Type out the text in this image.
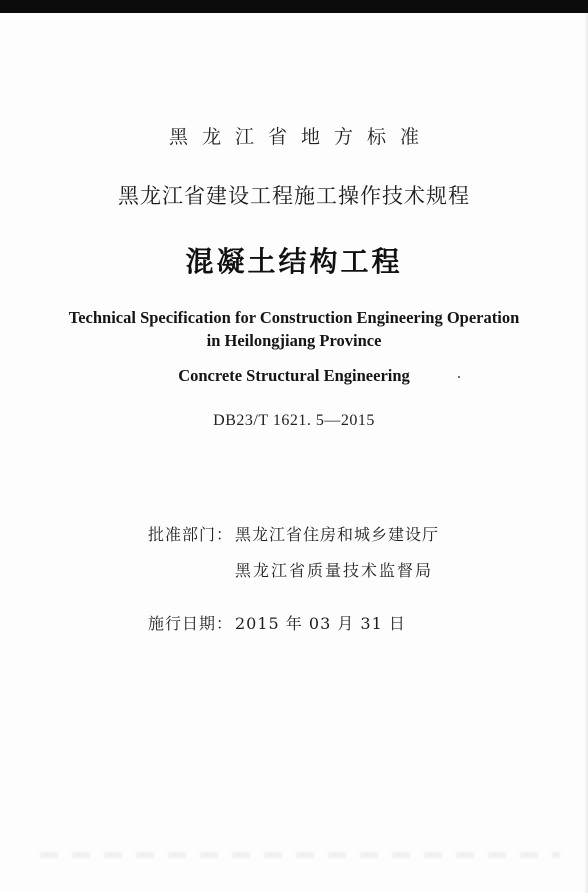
黑龙江省地方标准
黑龙江省建设工程施工操作技术规程
混凝土结构工程
Technical Specification for Construction Engineering Operation
in Heilongjiang Province
Concrete Structural Engineering
DB23/T 1621. 5—2015
批准部门： 黑龙江省住房和城乡建设厅
黑龙江省质量技术监督局
施行日期： 2015 年 03 月 31 日
